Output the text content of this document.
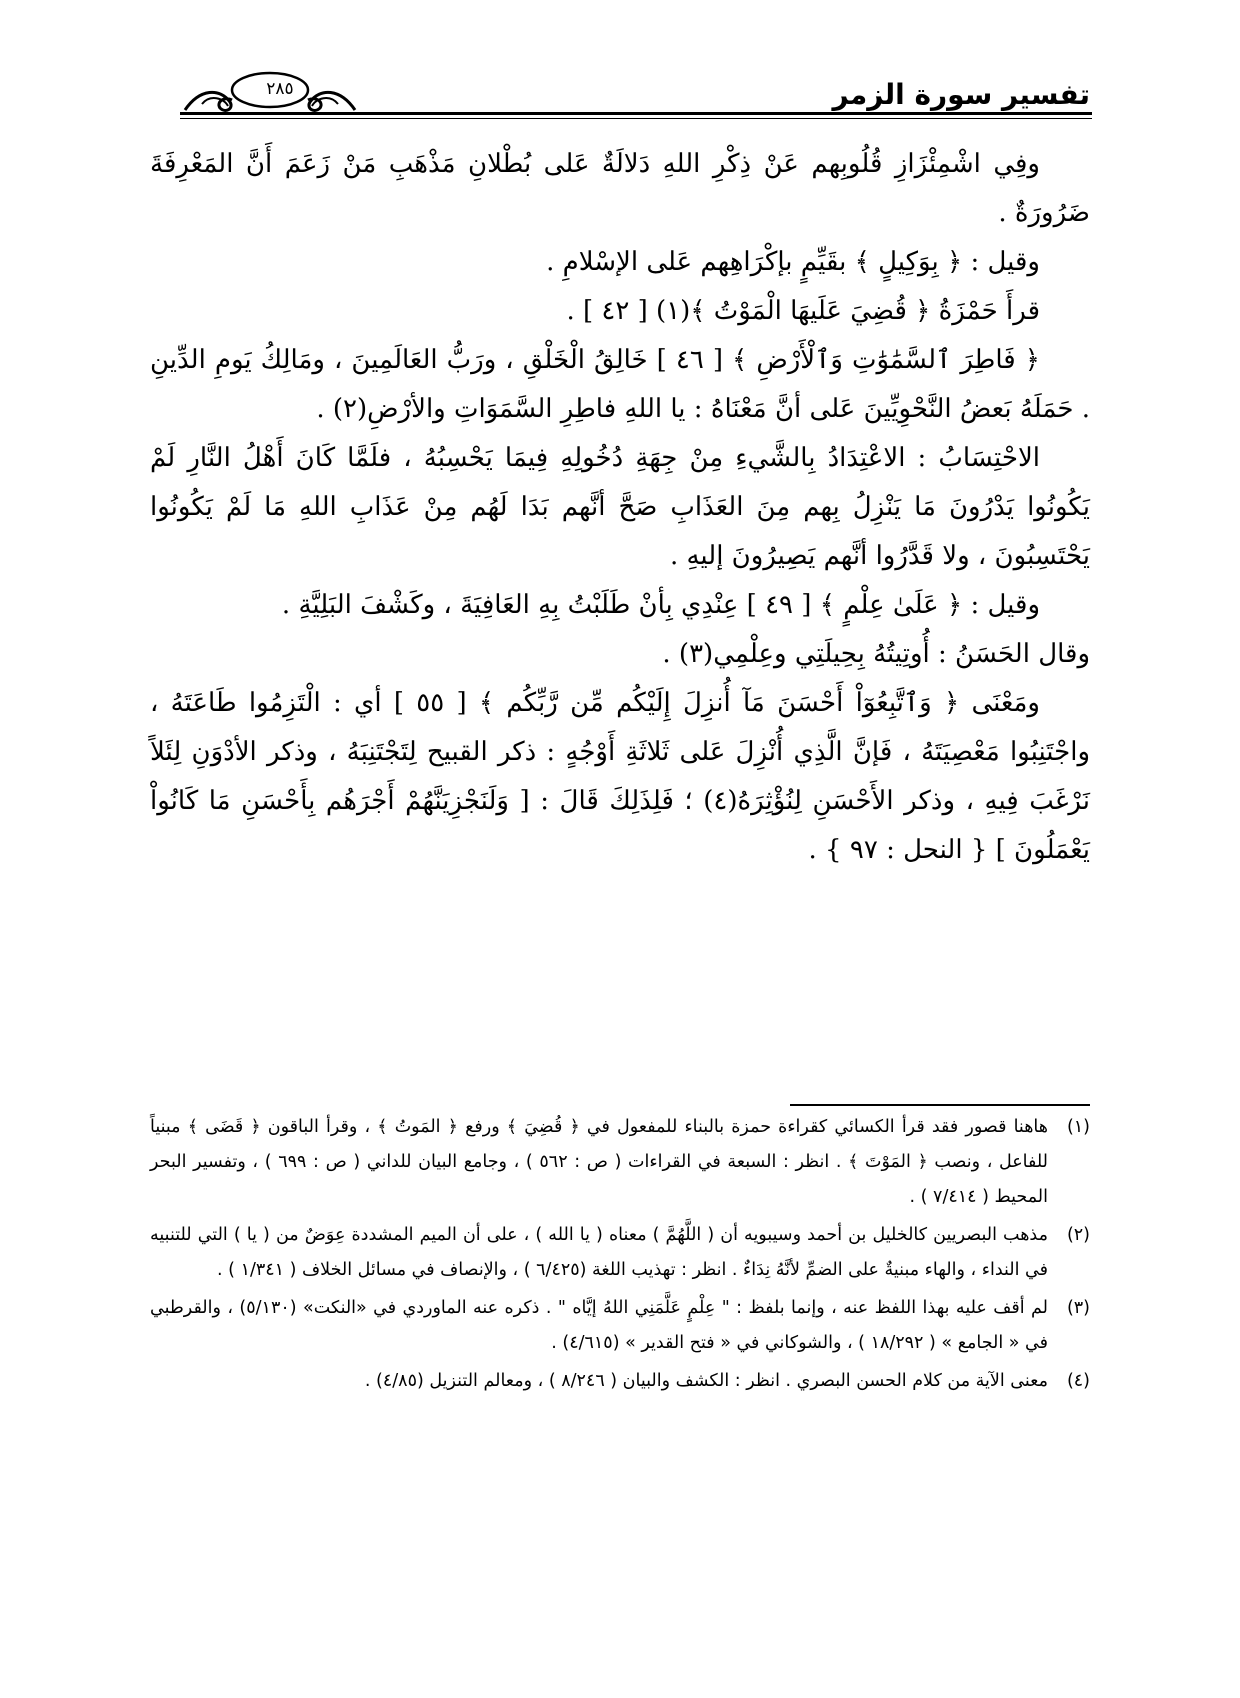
تفسير سورة الزمر
٢٨٥

وفِي اشْمِئْزَازِ قُلُوبِهم عَنْ ذِكْرِ اللهِ دَلالَةٌ عَلى بُطْلانِ مَذْهَبِ مَنْ زَعَمَ أَنَّ المَعْرِفَةَ ضَرُورَةٌ .

وقيل : ﴿ بِوَكِيلٍ ﴾ بقَيِّمٍ بإكْرَاهِهم عَلى الإسْلامِ .

قرأَ حَمْزَةُ ﴿ قُضِيَ عَلَيهَا الْمَوْتُ ﴾(١) [ ٤٢ ] .

﴿ فَاطِرَ ٱلسَّمَٰوَٰتِ وَٱلْأَرْضِ ﴾ [ ٤٦ ] خَالِقُ الْخَلْقِ ، ورَبُّ العَالَمِينَ ، ومَالِكُ يَومِ الدِّينِ . حَمَلَهُ بَعضُ النَّحْوِيِّينَ عَلى أنَّ مَعْنَاهُ : يا اللهِ فاطِرِ السَّمَوَاتِ والأرْضِ(٢) .

الاحْتِسَابُ : الاعْتِدَادُ بِالشَّيءِ مِنْ جِهَةِ دُخُولِهِ فِيمَا يَحْسِبُهُ ، فلَمَّا كَانَ أَهْلُ النَّارِ لَمْ يَكُونُوا يَدْرُونَ مَا يَنْزِلُ بِهم مِنَ العَذَابِ صَحَّ أنَّهم بَدَا لَهُم مِنْ عَذَابِ اللهِ مَا لَمْ يَكُونُوا يَحْتَسِبُونَ ، ولا قَدَّرُوا أنَّهم يَصِيرُونَ إليهِ .

وقيل : ﴿ عَلَىٰ عِلْمٍ ﴾ [ ٤٩ ] عِنْدِي بِأنْ طَلَبْتُ بِهِ العَافِيَةَ ، وكَشْفَ البَلِيَّةِ .

وقال الحَسَنُ : أُوتِيتُهُ بِحِيلَتِي وعِلْمِي(٣) .

ومَعْنَى ﴿ وَٱتَّبِعُوٓاْ أَحْسَنَ مَآ أُنزِلَ إِلَيْكُم مِّن رَّبِّكُم ﴾ [ ٥٥ ] أي : الْتَزِمُوا طَاعَتَهُ ، واجْتَنِبُوا مَعْصِيَتَهُ ، فَإنَّ الَّذِي أُنْزِلَ عَلى ثَلاثَةِ أَوْجُهٍ : ذكر القبيح لِتَجْتَنِبَهُ ، وذكر الأدْوَنِ لِئَلاً نَرْغَبَ فِيهِ ، وذكر الأَحْسَنِ لِنُؤْثِرَهُ(٤) ؛ فَلِذَلِكَ قَالَ : [ وَلَنَجْزِيَنَّهُمْ أَجْرَهُم بِأَحْسَنِ مَا كَانُواْ يَعْمَلُونَ ] { النحل : ٩٧ } .

(١)
هاهنا قصور فقد قرأ الكسائي كقراءة حمزة بالبناء للمفعول في ﴿ قُضِيَ ﴾ ورفع ﴿ المَوتُ ﴾ ، وقرأ الباقون ﴿ قَضَى ﴾ مبنياً للفاعل ، ونصب ﴿ المَوْتَ ﴾ . انظر : السبعة في القراءات ( ص : ٥٦٢ ) ، وجامع البيان للداني ( ص : ٦٩٩ ) ، وتفسير البحر المحيط ( ٧/٤١٤ ) .
(٢)
مذهب البصريين كالخليل بن أحمد وسيبويه أن ( اللَّهُمَّ ) معناه ( يا الله ) ، على أن الميم المشددة عِوَضٌ من ( يا ) التي للتنبيه في النداء ، والهاء مبنيةٌ على الضمِّ لأنَّهُ نِدَاءٌ . انظر : تهذيب اللغة (٦/٤٢٥ ) ، والإنصاف في مسائل الخلاف ( ١/٣٤١ ) .
(٣)
لم أقف عليه بهذا اللفظ عنه ، وإنما بلفظ : " عِلْمٍ عَلَّمَنِي اللهُ إيَّاه " . ذكره عنه الماوردي في «النكت» (٥/١٣٠) ، والقرطبي في « الجامع » ( ١٨/٢٩٢ ) ، والشوكاني في « فتح القدير » (٤/٦١٥) .
(٤)
معنى الآية من كلام الحسن البصري . انظر : الكشف والبيان ( ٨/٢٤٦ ) ، ومعالم التنزيل (٤/٨٥) .
